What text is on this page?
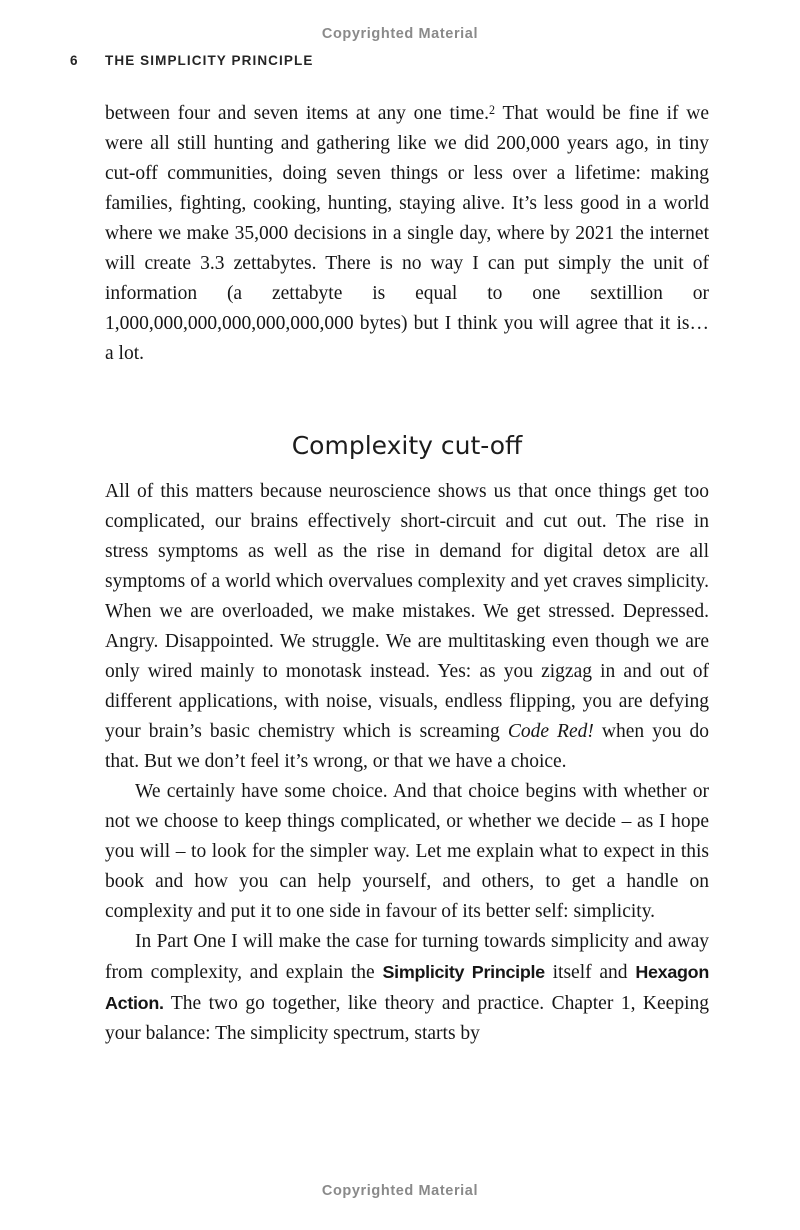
Copyrighted Material
6	THE SIMPLICITY PRINCIPLE

between four and seven items at any one time.$^2$ That would be fine if we were all still hunting and gathering like we did 200,000 years ago, in tiny cut-off communities, doing seven things or less over a lifetime: making families, fighting, cooking, hunting, staying alive. It’s less good in a world where we make 35,000 decisions in a single day, where by 2021 the internet will create 3.3 zettabytes. There is no way I can put simply the unit of information (a zettabyte is equal to one sextillion or 1,000,000,000,000,000,000,000 bytes) but I think you will agree that it is… a lot.

Complexity cut-off

All of this matters because neuroscience shows us that once things get too complicated, our brains effectively short-circuit and cut out. The rise in stress symptoms as well as the rise in demand for digital detox are all symptoms of a world which overvalues complexity and yet craves simplicity. When we are overloaded, we make mistakes. We get stressed. Depressed. Angry. Disappointed. We struggle. We are multitasking even though we are only wired mainly to monotask instead. Yes: as you zigzag in and out of different applications, with noise, visuals, endless flipping, you are defying your brain’s basic chemistry which is screaming Code Red! when you do that. But we don’t feel it’s wrong, or that we have a choice.

We certainly have some choice. And that choice begins with whether or not we choose to keep things complicated, or whether we decide – as I hope you will – to look for the simpler way. Let me explain what to expect in this book and how you can help yourself, and others, to get a handle on complexity and put it to one side in favour of its better self: simplicity.

In Part One I will make the case for turning towards simplicity and away from complexity, and explain the Simplicity Principle itself and Hexagon Action. The two go together, like theory and practice. Chapter 1, Keeping your balance: The simplicity spectrum, starts by

Copyrighted Material
